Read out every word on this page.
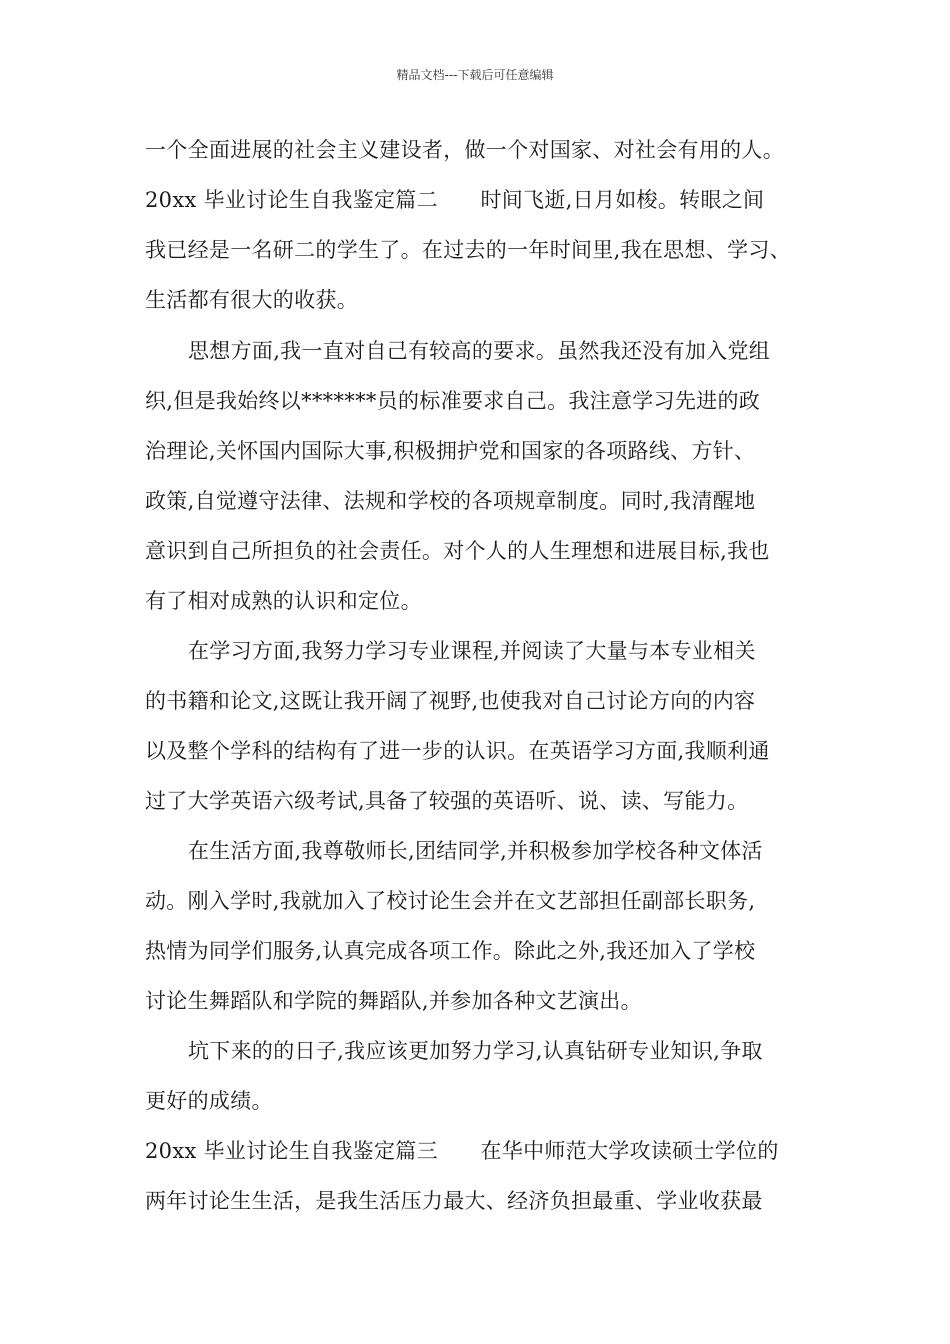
精品文档---下载后可任意编辑
一个全面进展的社会主义建设者，做一个对国家、对社会有用的人。
20xx 毕业讨论生自我鉴定篇二　　时间飞逝,日月如梭。转眼之间
我已经是一名研二的学生了。在过去的一年时间里,我在思想、学习、
生活都有很大的收获。
思想方面,我一直对自己有较高的要求。虽然我还没有加入党组
织,但是我始终以*******员的标准要求自己。我注意学习先进的政
治理论,关怀国内国际大事,积极拥护党和国家的各项路线、方针、
政策,自觉遵守法律、法规和学校的各项规章制度。同时,我清醒地
意识到自己所担负的社会责任。对个人的人生理想和进展目标,我也
有了相对成熟的认识和定位。
在学习方面,我努力学习专业课程,并阅读了大量与本专业相关
的书籍和论文,这既让我开阔了视野,也使我对自己讨论方向的内容
以及整个学科的结构有了进一步的认识。在英语学习方面,我顺利通
过了大学英语六级考试,具备了较强的英语听、说、读、写能力。
在生活方面,我尊敬师长,团结同学,并积极参加学校各种文体活
动。刚入学时,我就加入了校讨论生会并在文艺部担任副部长职务,
热情为同学们服务,认真完成各项工作。除此之外,我还加入了学校
讨论生舞蹈队和学院的舞蹈队,并参加各种文艺演出。
坑下来的的日子,我应该更加努力学习,认真钻研专业知识,争取
更好的成绩。
20xx 毕业讨论生自我鉴定篇三　　在华中师范大学攻读硕士学位的
两年讨论生生活，是我生活压力最大、经济负担最重、学业收获最
